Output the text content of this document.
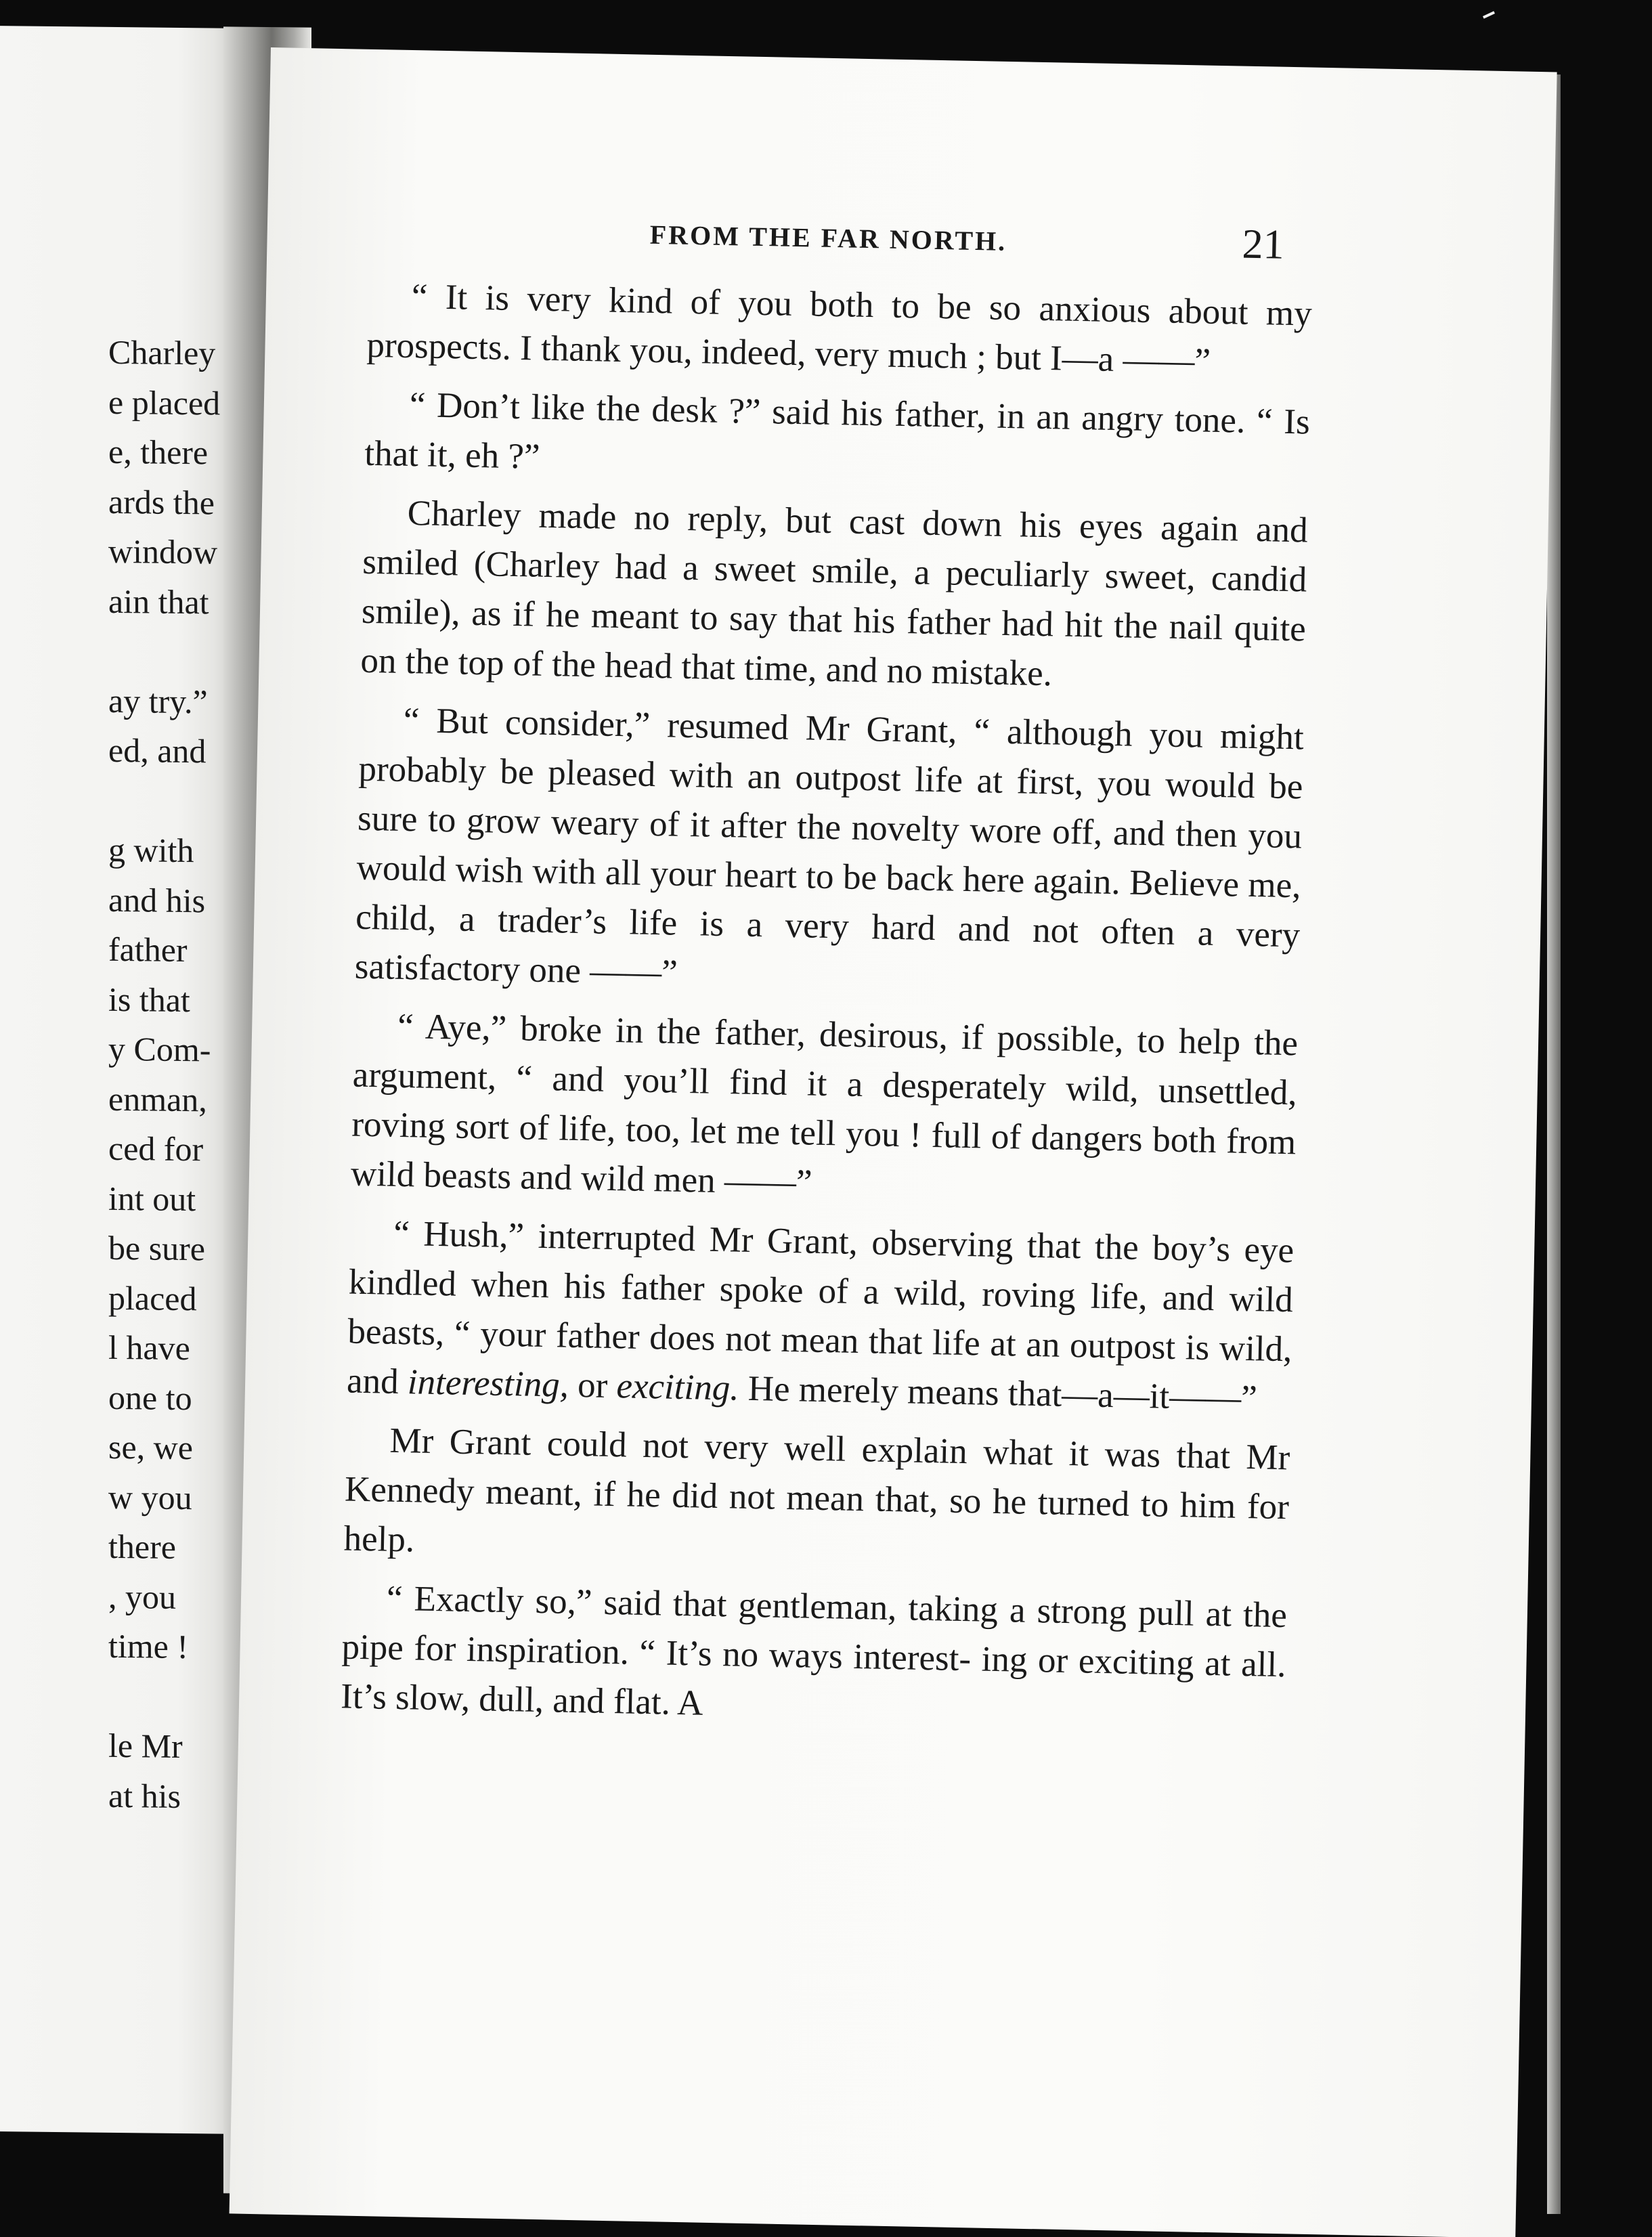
Charley
e placed
e, there
ards the
window
ain that
ay try.”
ed, and
g with
and his
father
is that
y Com-
enman,
ced for
int out
be sure
placed
l have
one to
se, we
w you
there
, you
time !
le Mr
at his
FROM THE FAR NORTH.	21

“ It is very kind of you both to be so anxious about my prospects. I thank you, indeed, very much ; but I—a ——”

“ Don’t like the desk ?” said his father, in an angry tone. “ Is that it, eh ?”

Charley made no reply, but cast down his eyes again and smiled (Charley had a sweet smile, a peculiarly sweet, candid smile), as if he meant to say that his father had hit the nail quite on the top of the head that time, and no mistake.

“ But consider,” resumed Mr Grant, “ although you might probably be pleased with an outpost life at first, you would be sure to grow weary of it after the novelty wore off, and then you would wish with all your heart to be back here again. Believe me, child, a trader’s life is a very hard and not often a very satisfactory one ——”

“ Aye,” broke in the father, desirous, if possible, to help the argument, “ and you’ll find it a desperately wild, unsettled, roving sort of life, too, let me tell you ! full of dangers both from wild beasts and wild men ——”

“ Hush,” interrupted Mr Grant, observing that the boy’s eye kindled when his father spoke of a wild, roving life, and wild beasts, “ your father does not mean that life at an outpost is wild, and interesting, or exciting. He merely means that—a—it——”

Mr Grant could not very well explain what it was that Mr Kennedy meant, if he did not mean that, so he turned to him for help.

“ Exactly so,” said that gentleman, taking a strong pull at the pipe for inspiration. “ It’s no ways interest- ing or exciting at all. It’s slow, dull, and flat. A
